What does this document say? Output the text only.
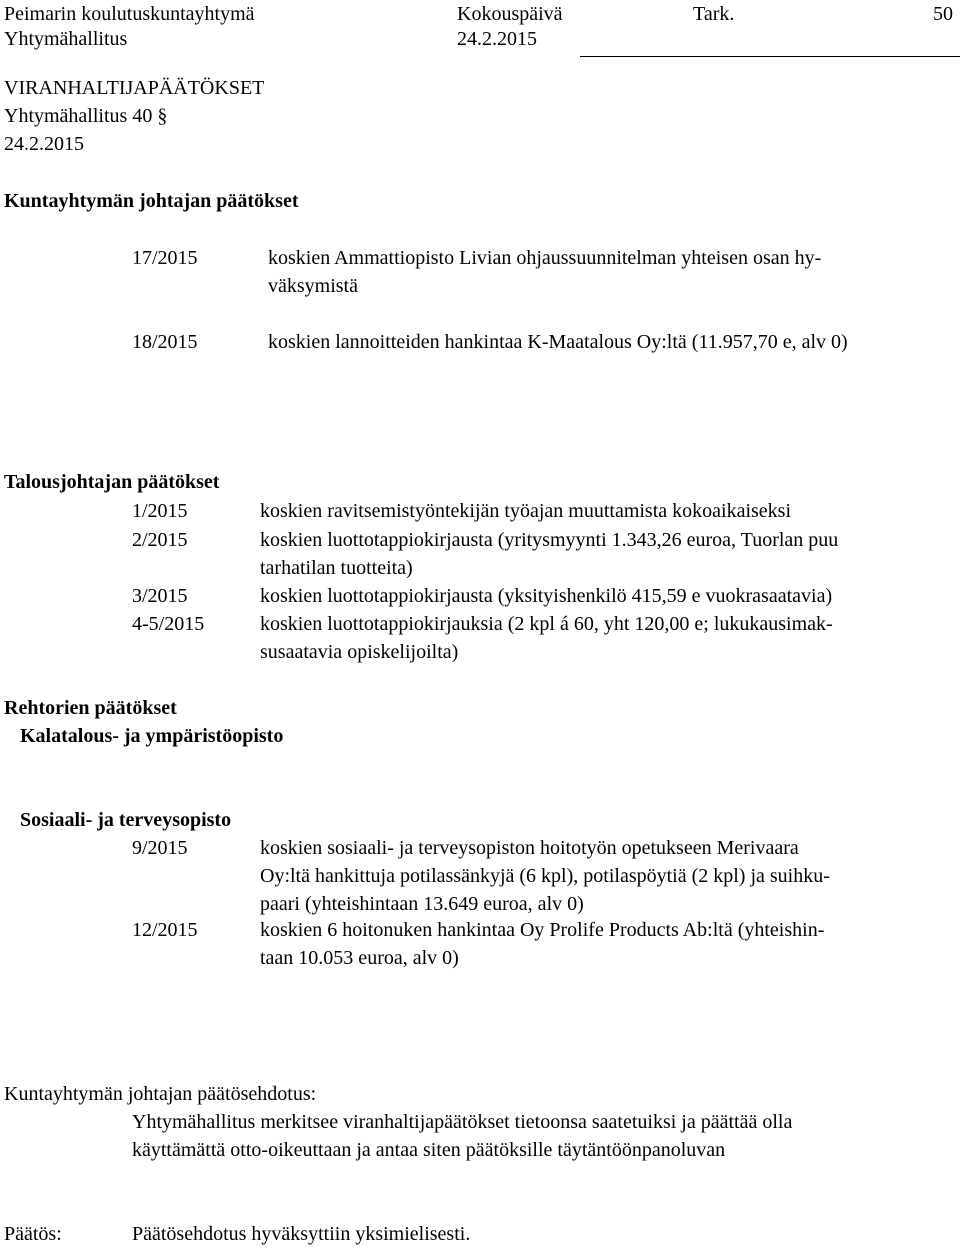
Peimarin koulutuskuntayhtymä	Kokouspäivä	Tark.	50
Yhtymähallitus	24.2.2015
VIRANHALTIJAPÄÄTÖKSET
Yhtymähallitus 40 §
24.2.2015
Kuntayhtymän johtajan päätökset
17/2015	koskien Ammattiopisto Livian ohjaussuunnitelman yhteisen osan hy-
väksymistä
18/2015	koskien lannoitteiden hankintaa K-Maatalous Oy:ltä (11.957,70 e, alv 0)
Talousjohtajan päätökset
1/2015	koskien ravitsemistyöntekijän työajan muuttamista kokoaikaiseksi
2/2015	koskien luottotappiokirjausta (yritysmyynti 1.343,26 euroa, Tuorlan puu
tarhatilan tuotteita)
3/2015	koskien luottotappiokirjausta (yksityishenkilö 415,59 e vuokrasaatavia)
4-5/2015	koskien luottotappiokirjauksia (2 kpl á 60, yht 120,00 e; lukukausimak-
susaatavia opiskelijoilta)
Rehtorien päätökset
Kalatalous- ja ympäristöopisto
Sosiaali- ja terveysopisto
9/2015	koskien sosiaali- ja terveysopiston hoitotyön opetukseen Merivaara
Oy:ltä hankittuja potilassänkyjä (6 kpl), potilaspöytiä (2 kpl) ja suihku-
paari (yhteishintaan 13.649 euroa, alv 0)
12/2015	koskien 6 hoitonuken hankintaa Oy Prolife Products Ab:ltä (yhteishin-
taan 10.053 euroa, alv 0)
Kuntayhtymän johtajan päätösehdotus:
Yhtymähallitus merkitsee viranhaltijapäätökset tietoonsa saatetuiksi ja päättää olla
käyttämättä otto-oikeuttaan ja antaa siten päätöksille täytäntöönpanoluvan
Päätös:	Päätösehdotus hyväksyttiin yksimielisesti.
